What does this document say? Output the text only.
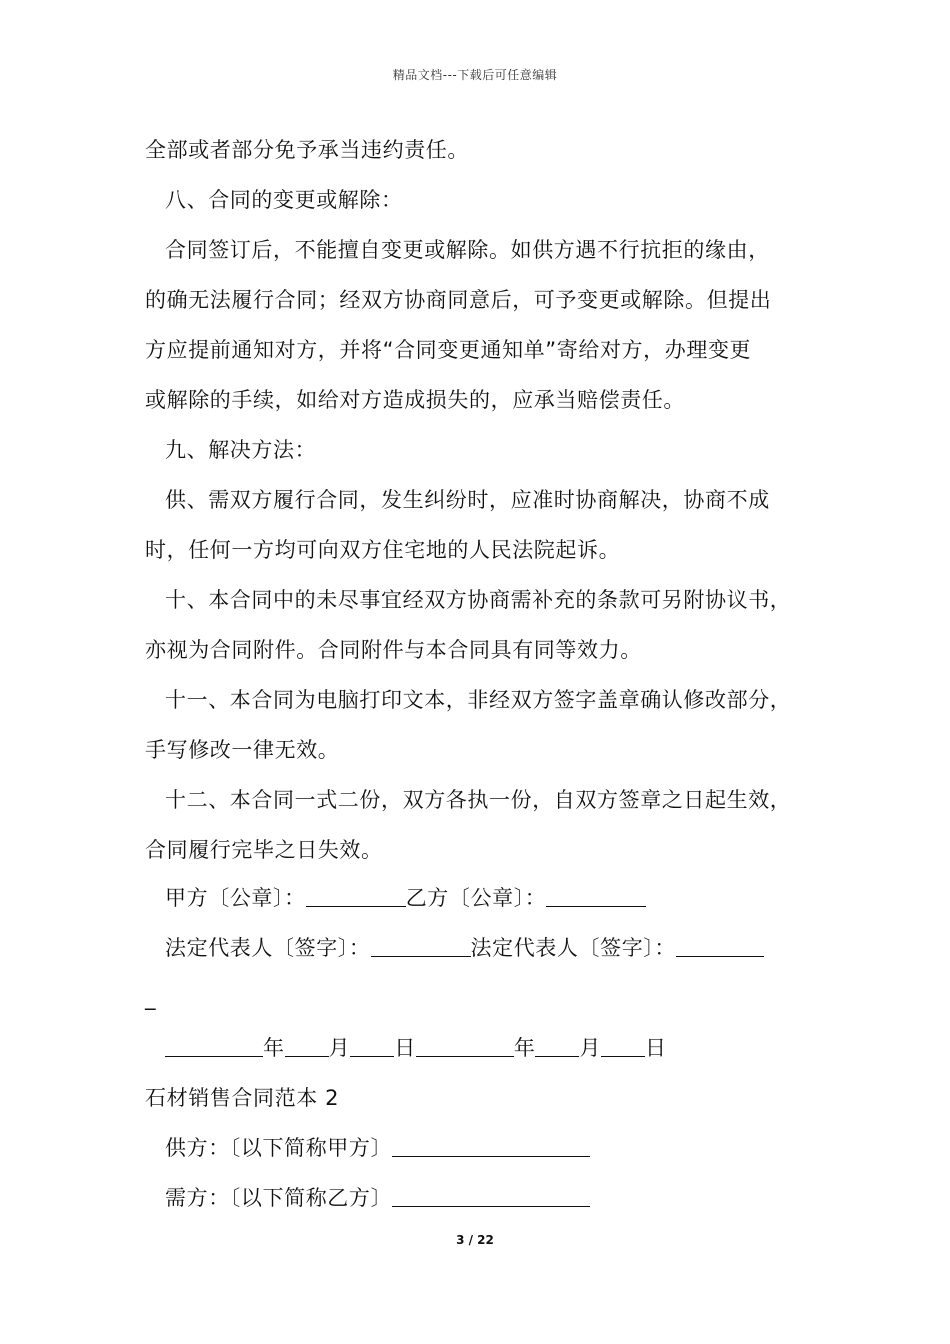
精品文档---下载后可任意编辑
全部或者部分免予承当违约责任。
八、合同的变更或解除：
合同签订后，不能擅自变更或解除。如供方遇不行抗拒的缘由，
的确无法履行合同；经双方协商同意后，可予变更或解除。但提出
方应提前通知对方，并将“合同变更通知单”寄给对方，办理变更
或解除的手续，如给对方造成损失的，应承当赔偿责任。
九、解决方法：
供、需双方履行合同，发生纠纷时，应准时协商解决，协商不成
时，任何一方均可向双方住宅地的人民法院起诉。
十、本合同中的未尽事宜经双方协商需补充的条款可另附协议书，
亦视为合同附件。合同附件与本合同具有同等效力。
十一、本合同为电脑打印文本，非经双方签字盖章确认修改部分，
手写修改一律无效。
十二、本合同一式二份，双方各执一份，自双方签章之日起生效，
合同履行完毕之日失效。
甲方〔公章〕：	乙方〔公章〕：
法定代表人〔签字〕：	法定代表人〔签字〕：
_
年 月 日	年 月 日
石材销售合同范本 2
供方：〔以下简称甲方〕
需方：〔以下简称乙方〕
3 / 22
